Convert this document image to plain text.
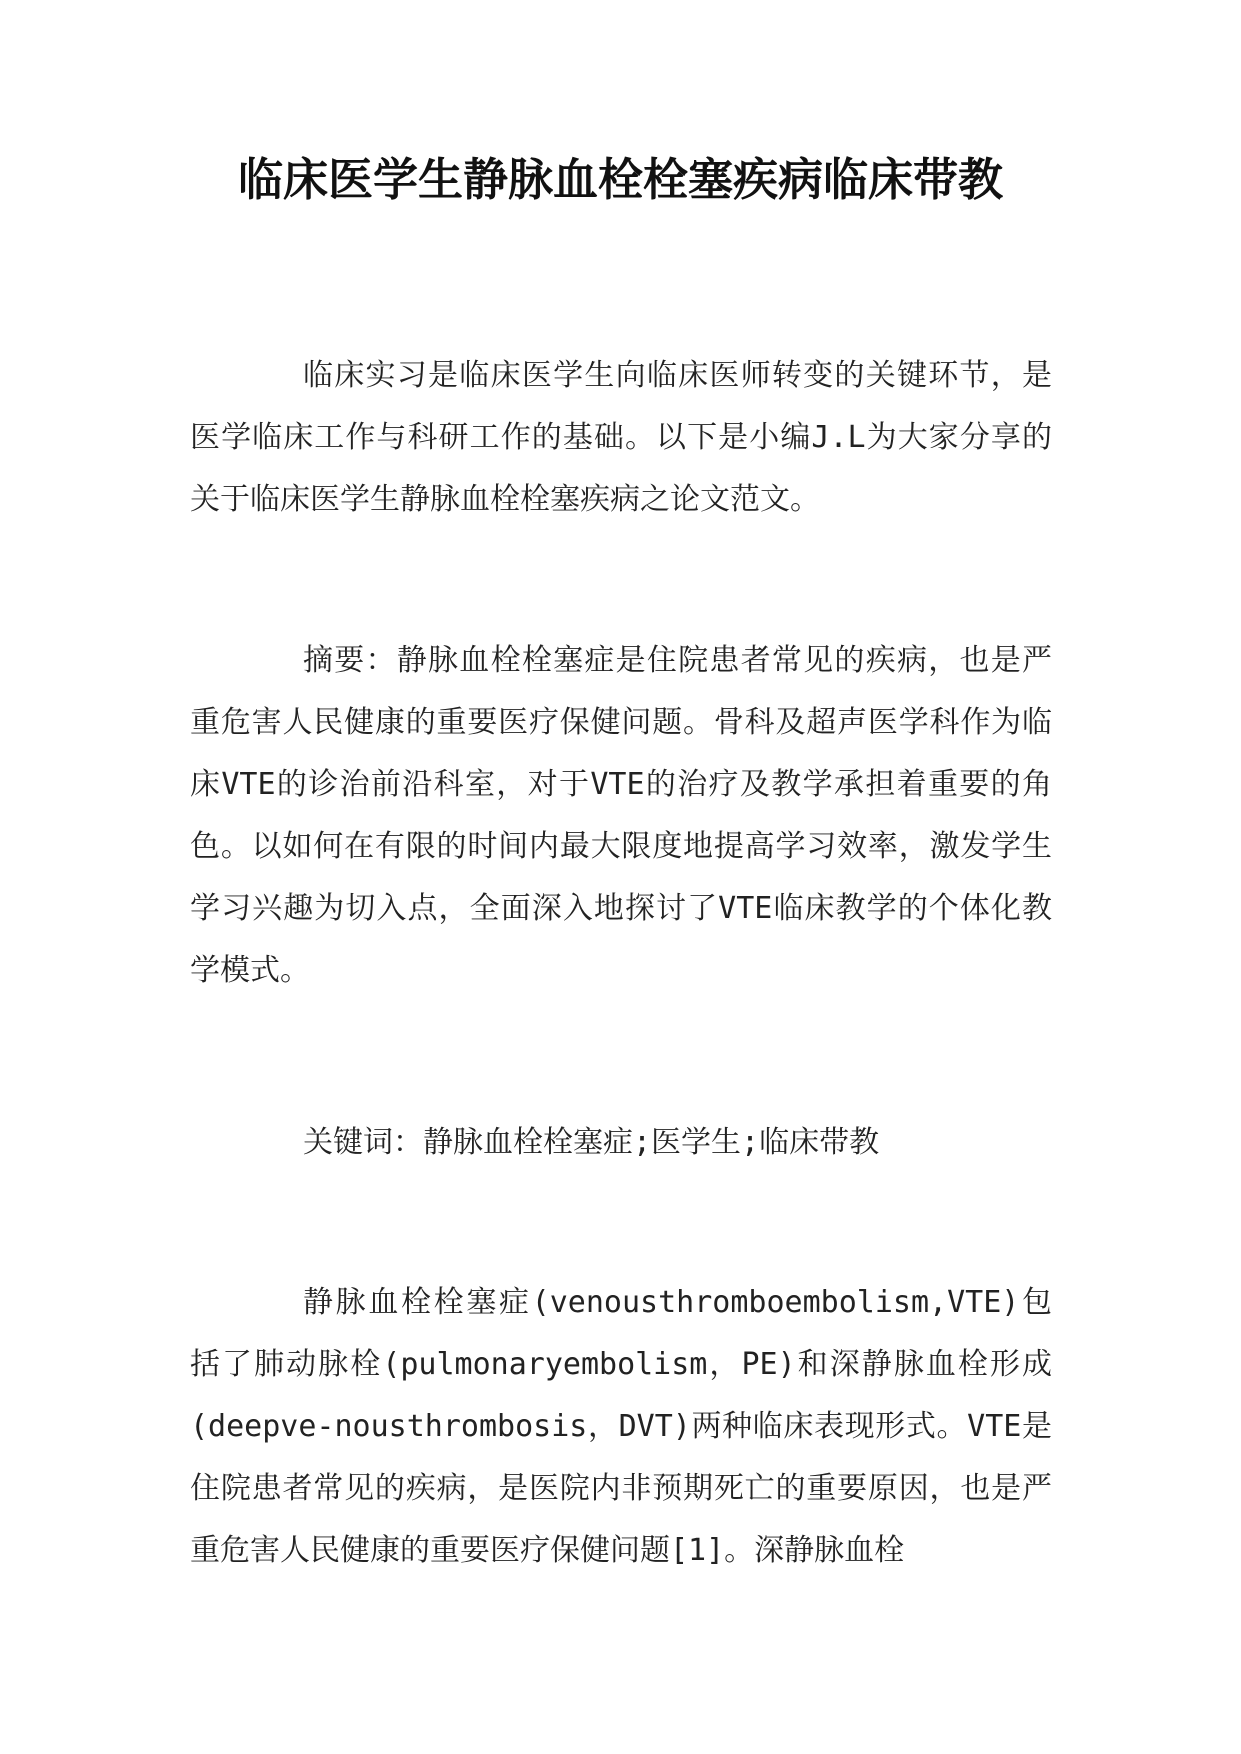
临床医学生静脉血栓栓塞疾病临床带教
临床实习是临床医学生向临床医师转变的关键环节，是医学临床工作与科研工作的基础。以下是小编J.L为大家分享的关于临床医学生静脉血栓栓塞疾病之论文范文。
摘要：静脉血栓栓塞症是住院患者常见的疾病，也是严重危害人民健康的重要医疗保健问题。骨科及超声医学科作为临床VTE的诊治前沿科室，对于VTE的治疗及教学承担着重要的角色。以如何在有限的时间内最大限度地提高学习效率，激发学生学习兴趣为切入点，全面深入地探讨了VTE临床教学的个体化教学模式。
关键词：静脉血栓栓塞症;医学生;临床带教
静脉血栓栓塞症(venousthromboembolism,VTE)包括了肺动脉栓(pulmonaryembolism，PE)和深静脉血栓形成(deepve-nousthrombosis，DVT)两种临床表现形式。VTE是住院患者常见的疾病，是医院内非预期死亡的重要原因，也是严重危害人民健康的重要医疗保健问题[1]。深静脉血栓
